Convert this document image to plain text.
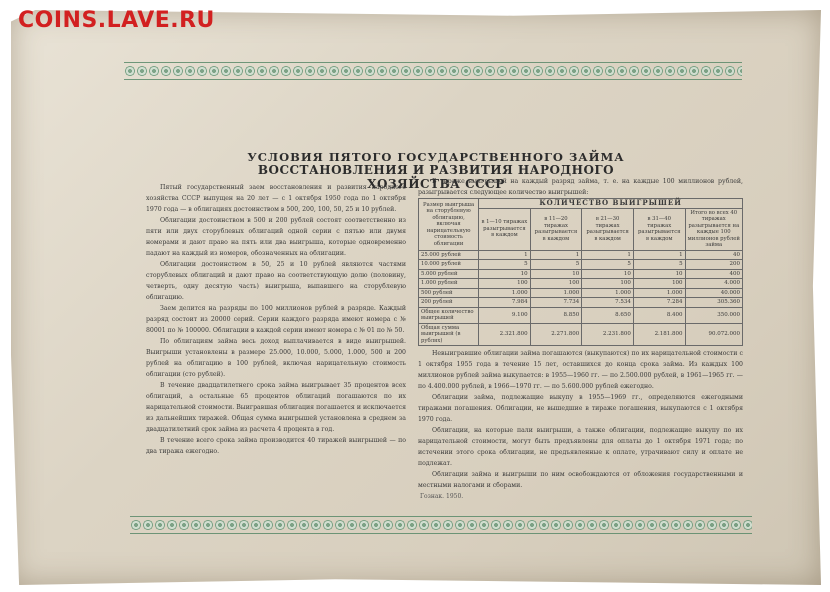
COINS.LAVE.RU
УСЛОВИЯ ПЯТОГО ГОСУДАРСТВЕННОГО ЗАЙМА
ВОССТАНОВЛЕНИЯ И РАЗВИТИЯ НАРОДНОГО ХОЗЯЙСТВА СССР

Пятый государственный заем восстановления и развития народного хозяйства СССР выпущен на 20 лет — с 1 октября 1950 года по 1 октября 1970 года — в облигациях достоинством в 500, 200, 100, 50, 25 и 10 рублей.

Облигации достоинством в 500 и 200 рублей состоят соответственно из пяти или двух сторублевых облигаций одной серии с пятью или двумя номерами и дают право на пять или два выигрыша, которые одновременно падают на каждый из номеров, обозначенных на облигации.

Облигации достоинством в 50, 25 и 10 рублей являются частями сторублевых облигаций и дают право на соответствующую долю (половину, четверть, одну десятую часть) выигрыша, выпавшего на сторублевую облигацию.

Заем делится на разряды по 100 миллионов рублей в разряде. Каждый разряд состоит из 20000 серий. Серии каждого разряда имеют номера с № 80001 по № 100000. Облигации в каждой серии имеют номера с № 01 по № 50.

По облигациям займа весь доход выплачивается в виде выигрышей. Выигрыши установлены в размере 25.000, 10.000, 5.000, 1.000, 500 и 200 рублей на облигацию в 100 рублей, включая нарицательную стоимость облигации (сто рублей).

В течение двадцатилетнего срока займа выигрывает 35 процентов всех облигаций, а остальные 65 процентов облигаций погашаются по их нарицательной стоимости. Выигравшая облигация погашается и исключается из дальнейших тиражей. Общая сумма выигрышей установлена в среднем за двадцатилетний срок займа из расчета 4 процента в год.

В течение всего срока займа производится 40 тиражей выигрышей — по два тиража ежегодно.

В тираже выигрышей на каждый разряд займа, т. е. на каждые 100 миллионов рублей, разыгрывается следующее количество выигрышей:
Размер выигрыша на сторублевую облигацию, включая нарицательную стоимость облигации	КОЛИЧЕСТВО ВЫИГРЫШЕЙ				
	в 1—10 тиражах разыгрывается в каждом	в 11—20 тиражах разыгрывается в каждом	в 21—30 тиражах разыгрывается в каждом	в 31—40 тиражах разыгрывается в каждом	Итого во всех 40 тиражах разыгрывается на каждые 100 миллионов рублей займа
25.000 рублей	1	1	1	1	40
10.000 рублей	5	5	5	5	200
5.000 рублей	10	10	10	10	400
1.000 рублей	100	100	100	100	4.000
500 рублей	1.000	1.000	1.000	1.000	40.000
200 рублей	7.984	7.734	7.534	7.284	305.360
Общее количество выигрышей	9.100	8.850	8.650	8.400	350.000
Общая сумма выигрышей (в рублях)	2.321.800	2.271.800	2.231.800	2.181.800	90.072.000

Невыигравшие облигации займа погашаются (выкупаются) по их нарицательной стоимости с 1 октября 1955 года в течение 15 лет, оставшихся до конца срока займа. Из каждых 100 миллионов рублей займа выкупается: в 1955—1960 гг. — по 2.500.000 рублей, в 1961—1965 гг. — по 4.400.000 рублей, в 1966—1970 гг. — по 5.600.000 рублей ежегодно.

Облигации займа, подлежащие выкупу в 1955—1969 гг., определяются ежегодными тиражами погашения. Облигации, не вышедшие в тираже погашения, выкупаются с 1 октября 1970 года.

Облигации, на которые пали выигрыши, а также облигации, подлежащие выкупу по их нарицательной стоимости, могут быть предъявлены для оплаты до 1 октября 1971 года; по истечении этого срока облигации, не предъявленные к оплате, утрачивают силу и оплате не подлежат.

Облигации займа и выигрыши по ним освобождаются от обложения государственными и местными налогами и сборами.

Гознак. 1950.
